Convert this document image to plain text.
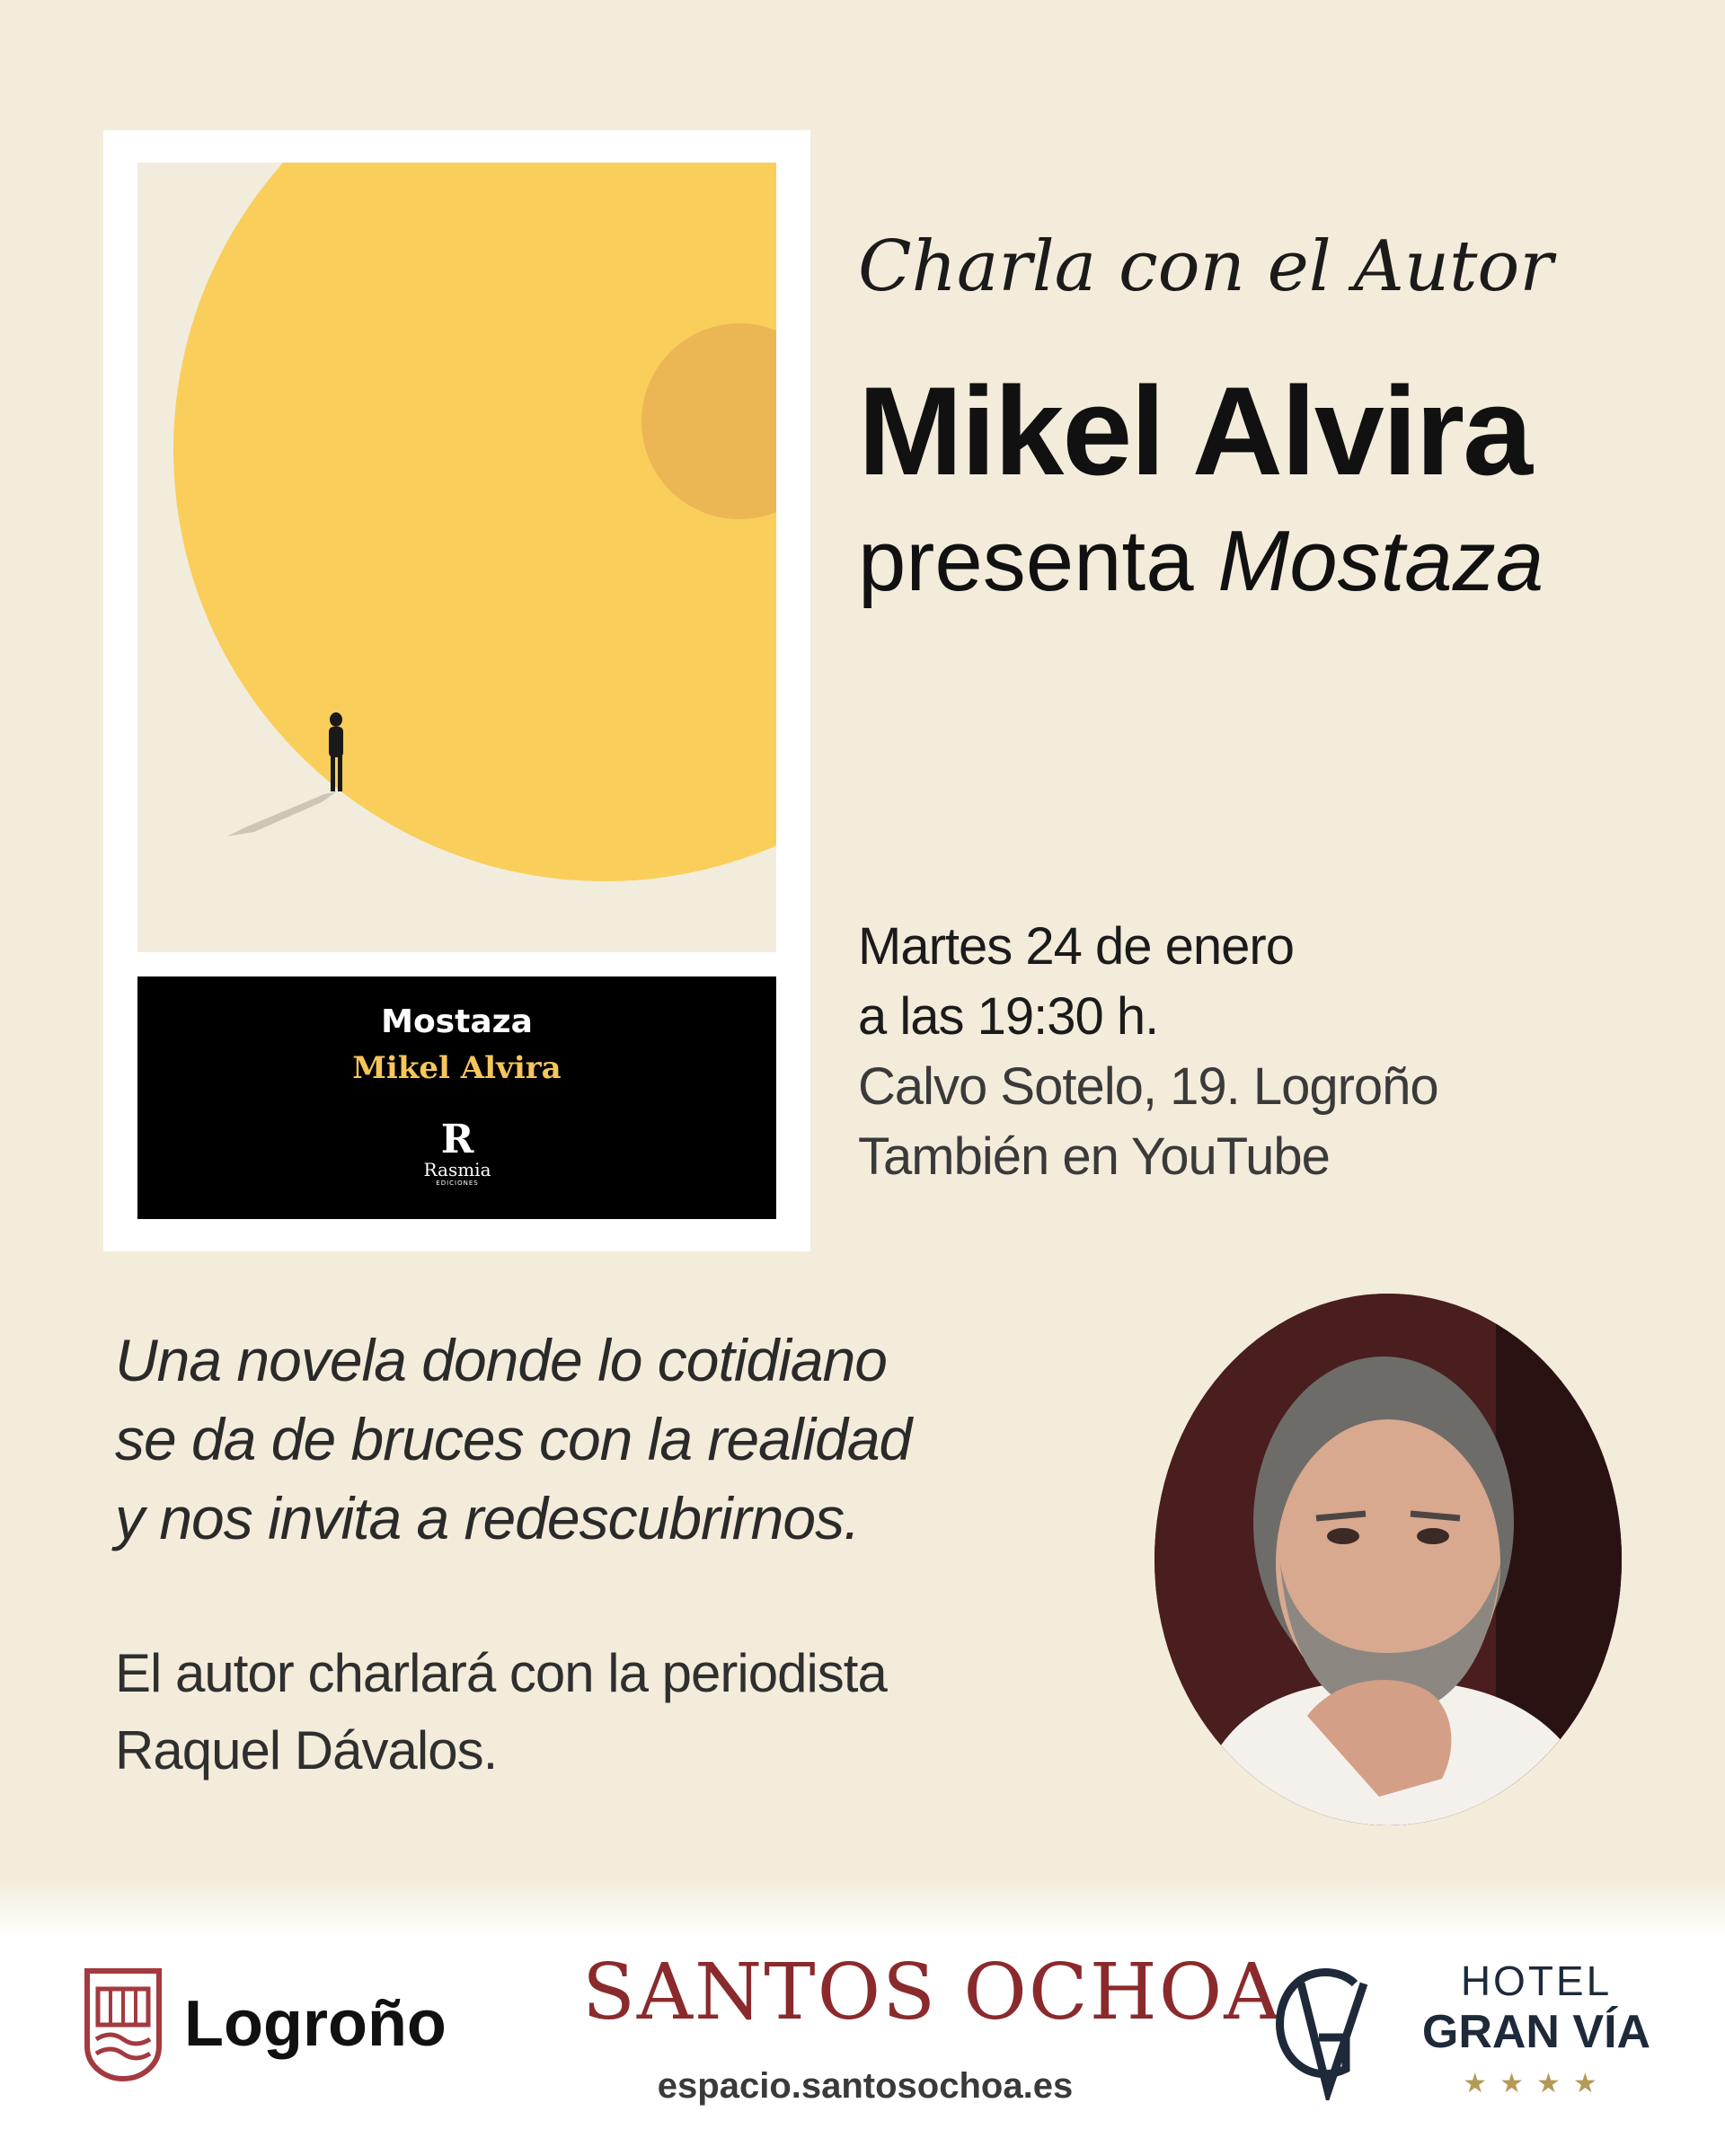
Mostaza
Mikel Alvira
R
Rasmia
EDICIONES
Charla con el Autor
Mikel Alvira
presenta Mostaza
Martes 24 de enero
a las 19:30 h.
Calvo Sotelo, 19. Logroño
También en YouTube
Una novela donde lo cotidiano
se da de bruces con la realidad
y nos invita a redescubrirnos.
El autor charlará con la periodista
Raquel Dávalos.
Logroño SANTOS OCHOA
espacio.santosochoa.es
HOTEL
GRAN VÍA
★★★★
